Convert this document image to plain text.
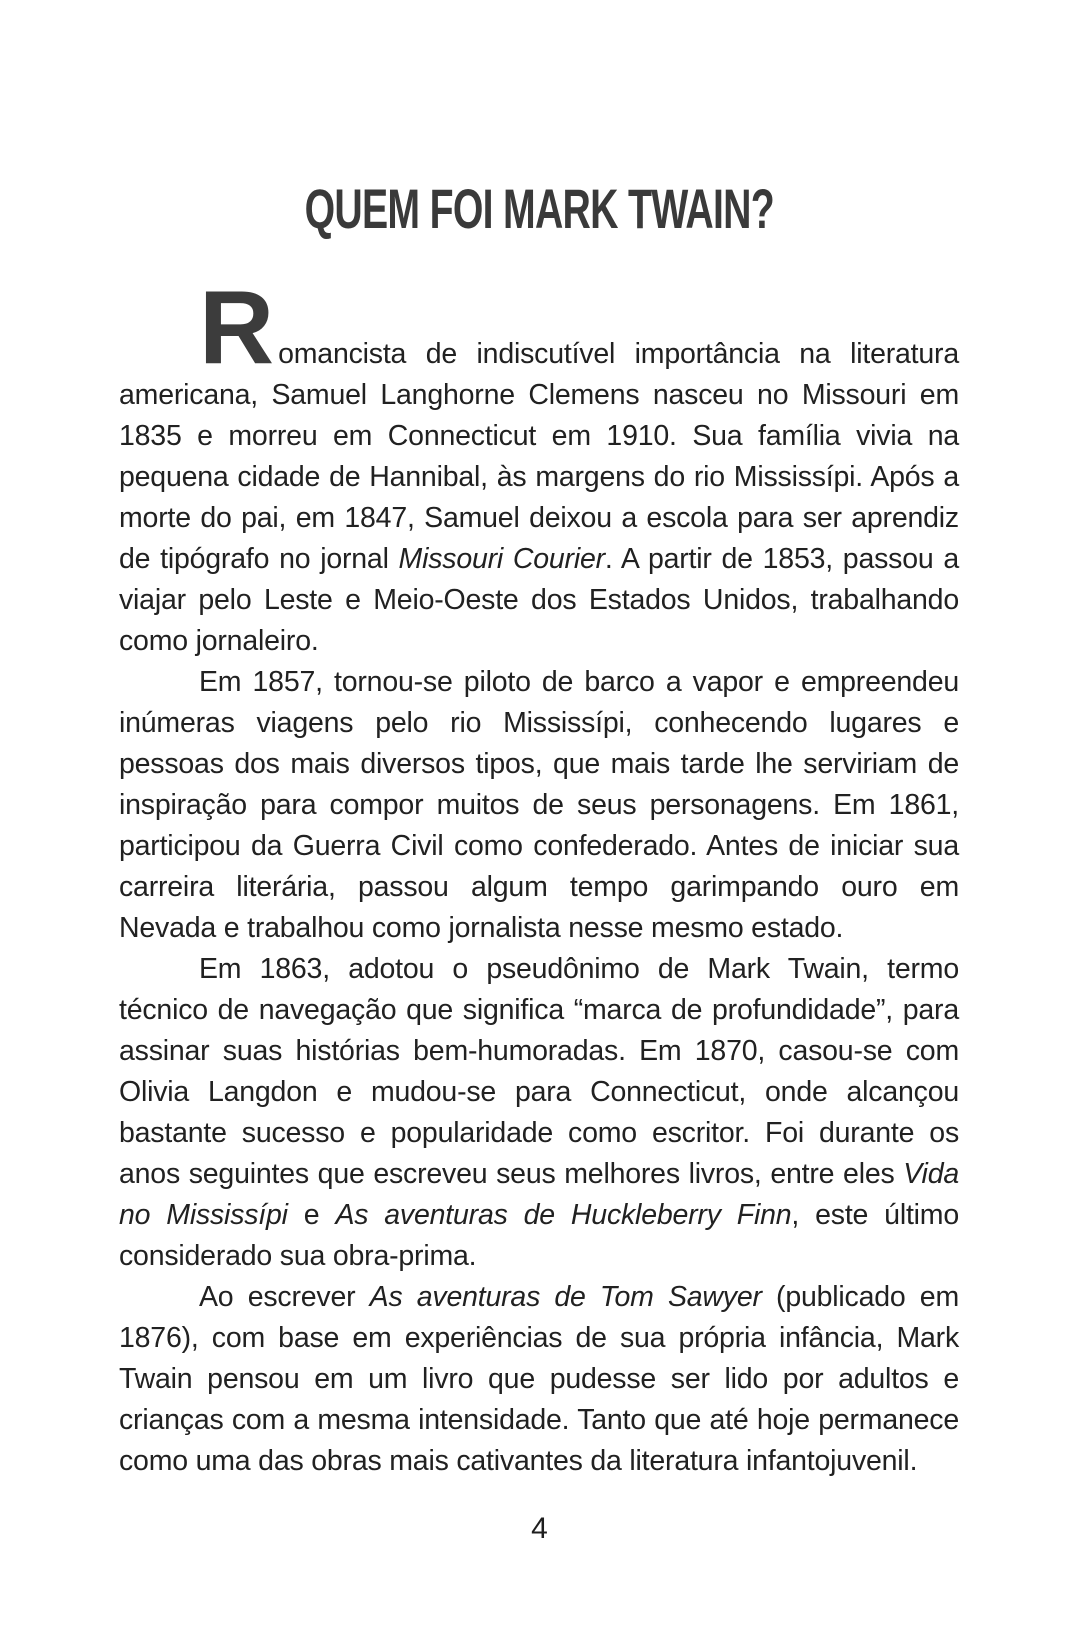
QUEM FOI MARK TWAIN?

Romancista de indiscutível importância na literatura americana, Samuel Langhorne Clemens nasceu no Missouri em 1835 e morreu em Connecticut em 1910. Sua família vivia na pequena cidade de Hannibal, às margens do rio Mississípi. Após a morte do pai, em 1847, Samuel deixou a escola para ser aprendiz de tipógrafo no jornal Missouri Courier. A partir de 1853, passou a viajar pelo Leste e Meio-Oeste dos Estados Unidos, trabalhando como jornaleiro.

Em 1857, tornou-se piloto de barco a vapor e empreendeu inúmeras viagens pelo rio Mississípi, conhecendo lugares e pessoas dos mais diversos tipos, que mais tarde lhe serviriam de inspiração para compor muitos de seus personagens. Em 1861, participou da Guerra Civil como confederado. Antes de iniciar sua carreira literária, passou algum tempo garimpando ouro em Nevada e trabalhou como jornalista nesse mesmo estado.

Em 1863, adotou o pseudônimo de Mark Twain, termo técnico de navegação que significa “marca de profundidade”, para assinar suas histórias bem-humoradas. Em 1870, casou-se com Olivia Langdon e mudou-se para Connecticut, onde alcançou bastante sucesso e popularidade como escritor. Foi durante os anos seguintes que escreveu seus melhores livros, entre eles Vida no Mississípi e As aventuras de Huckleberry Finn, este último considerado sua obra-prima.

Ao escrever As aventuras de Tom Sawyer (publicado em 1876), com base em experiências de sua própria infância, Mark Twain pensou em um livro que pudesse ser lido por adultos e crianças com a mesma intensidade. Tanto que até hoje permanece como uma das obras mais cativantes da literatura infantojuvenil.

4
